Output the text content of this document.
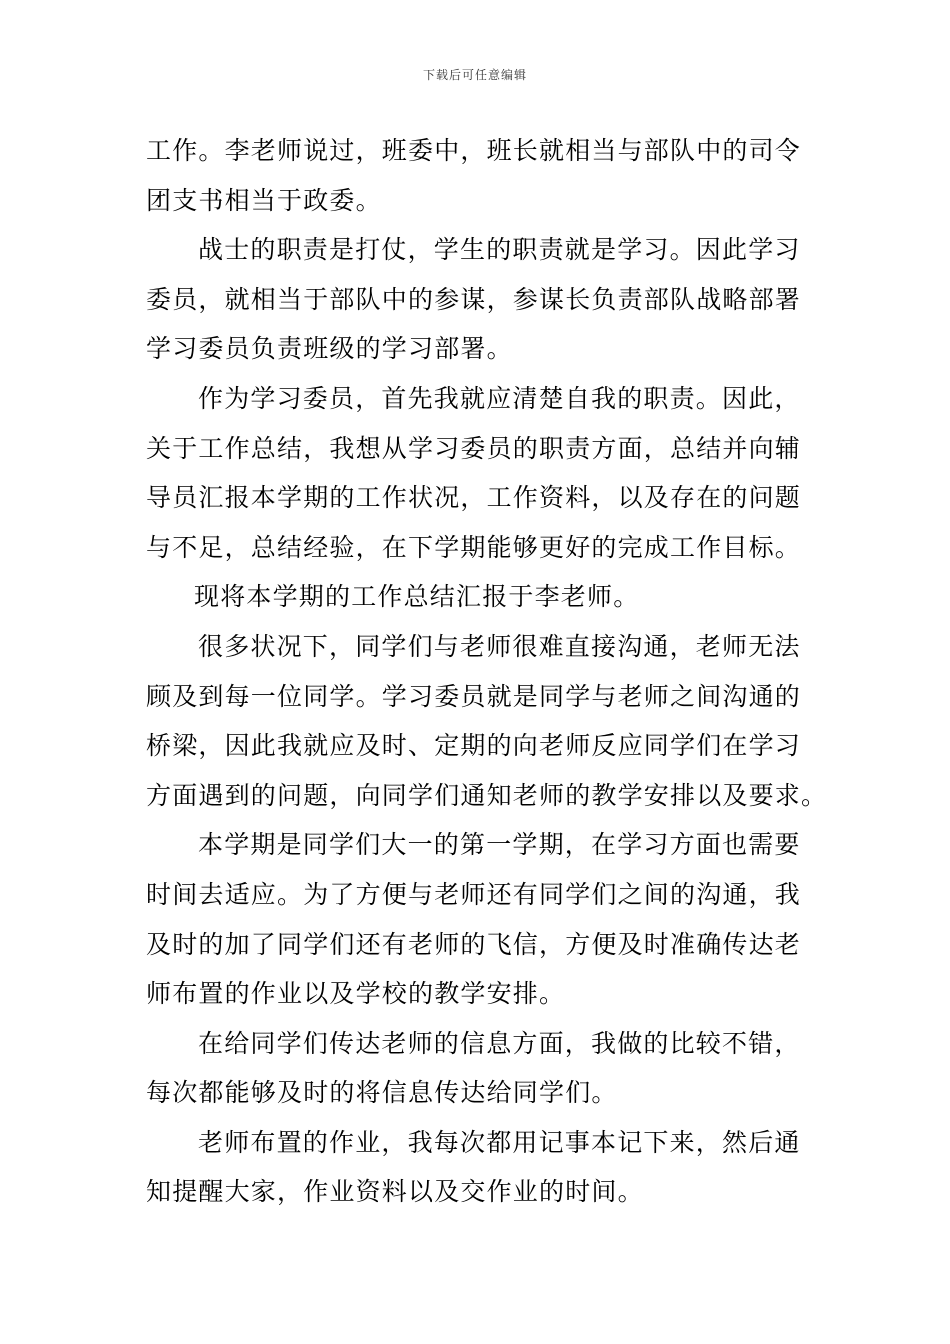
下载后可任意编辑
工作。李老师说过，班委中，班长就相当与部队中的司令
团支书相当于政委。
战士的职责是打仗，学生的职责就是学习。因此学习
委员，就相当于部队中的参谋，参谋长负责部队战略部署
学习委员负责班级的学习部署。
作为学习委员，首先我就应清楚自我的职责。因此，
关于工作总结，我想从学习委员的职责方面，总结并向辅
导员汇报本学期的工作状况，工作资料，以及存在的问题
与不足，总结经验，在下学期能够更好的完成工作目标。
现将本学期的工作总结汇报于李老师。
很多状况下，同学们与老师很难直接沟通，老师无法
顾及到每一位同学。学习委员就是同学与老师之间沟通的
桥梁，因此我就应及时、定期的向老师反应同学们在学习
方面遇到的问题，向同学们通知老师的教学安排以及要求。
本学期是同学们大一的第一学期，在学习方面也需要
时间去适应。为了方便与老师还有同学们之间的沟通，我
及时的加了同学们还有老师的飞信，方便及时准确传达老
师布置的作业以及学校的教学安排。
在给同学们传达老师的信息方面，我做的比较不错，
每次都能够及时的将信息传达给同学们。
老师布置的作业，我每次都用记事本记下来，然后通
知提醒大家，作业资料以及交作业的时间。
